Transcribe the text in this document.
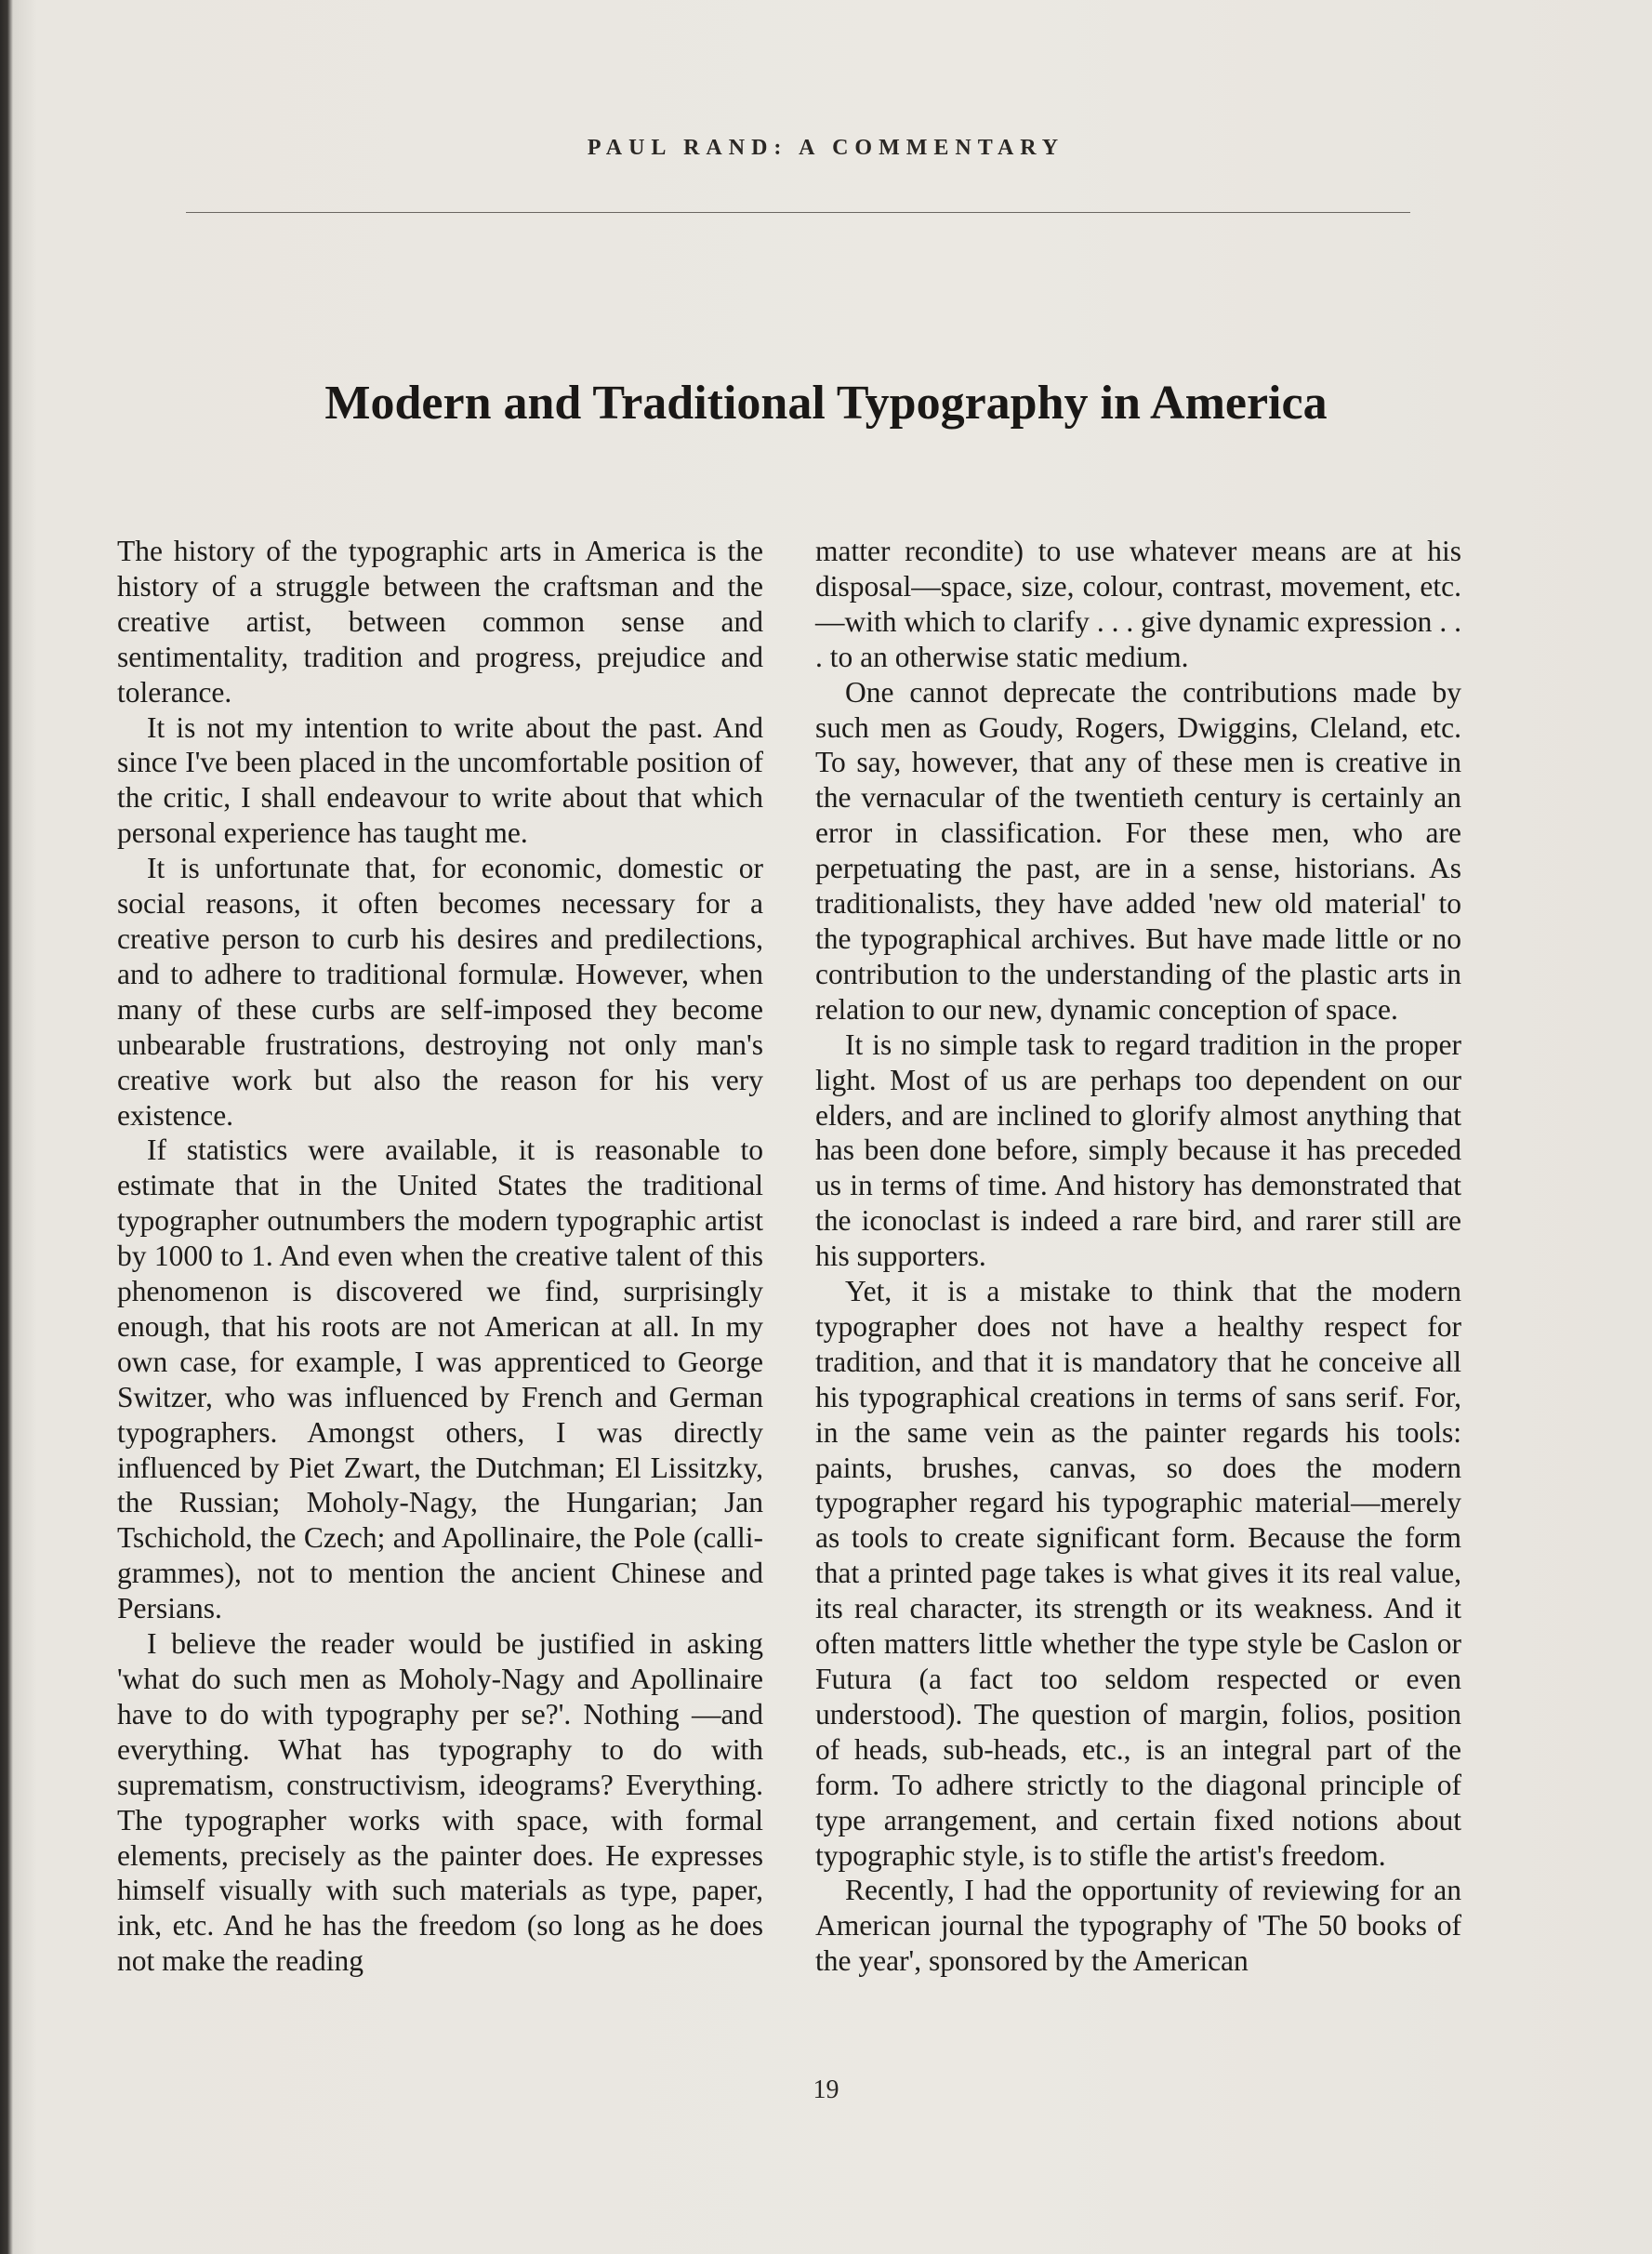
PAUL RAND: A COMMENTARY
Modern and Traditional Typography in America

The history of the typographic arts in America is the history of a struggle between the craftsman and the creative artist, between common sense and sentimentality, tradition and progress, prejudice and tolerance.

It is not my intention to write about the past. And since I've been placed in the uncomfortable position of the critic, I shall endeavour to write about that which personal experience has taught me.

It is unfortunate that, for economic, domestic or social reasons, it often becomes necessary for a creative person to curb his desires and predilections, and to adhere to traditional formulæ. However, when many of these curbs are self-imposed they become unbearable frustrations, destroying not only man's creative work but also the reason for his very existence.

If statistics were available, it is reasonable to estimate that in the United States the traditional typographer outnumbers the modern typographic artist by 1000 to 1. And even when the creative talent of this phenomenon is discovered we find, surprisingly enough, that his roots are not American at all. In my own case, for example, I was apprenticed to George Switzer, who was influenced by French and German typographers. Amongst others, I was directly influenced by Piet Zwart, the Dutchman; El Lissitzky, the Russian; Moholy-Nagy, the Hungarian; Jan Tschichold, the Czech; and Apollinaire, the Pole (calligrammes), not to mention the ancient Chinese and Persians.

I believe the reader would be justified in asking 'what do such men as Moholy-Nagy and Apollinaire have to do with typography per se?'. Nothing —and everything. What has typography to do with suprematism, constructivism, ideograms? Everything. The typographer works with space, with formal elements, precisely as the painter does. He expresses himself visually with such materials as type, paper, ink, etc. And he has the freedom (so long as he does not make the reading

matter recondite) to use whatever means are at his disposal—space, size, colour, contrast, movement, etc.—with which to clarify . . . give dynamic expression . . . to an otherwise static medium.

One cannot deprecate the contributions made by such men as Goudy, Rogers, Dwiggins, Cleland, etc. To say, however, that any of these men is creative in the vernacular of the twentieth century is certainly an error in classification. For these men, who are perpetuating the past, are in a sense, historians. As traditionalists, they have added 'new old material' to the typographical archives. But have made little or no contribution to the understanding of the plastic arts in relation to our new, dynamic conception of space.

It is no simple task to regard tradition in the proper light. Most of us are perhaps too dependent on our elders, and are inclined to glorify almost anything that has been done before, simply because it has preceded us in terms of time. And history has demonstrated that the iconoclast is indeed a rare bird, and rarer still are his supporters.

Yet, it is a mistake to think that the modern typographer does not have a healthy respect for tradition, and that it is mandatory that he conceive all his typographical creations in terms of sans serif. For, in the same vein as the painter regards his tools: paints, brushes, canvas, so does the modern typographer regard his typographic material—merely as tools to create significant form. Because the form that a printed page takes is what gives it its real value, its real character, its strength or its weakness. And it often matters little whether the type style be Caslon or Futura (a fact too seldom respected or even understood). The question of margin, folios, position of heads, sub-heads, etc., is an integral part of the form. To adhere strictly to the diagonal principle of type arrangement, and certain fixed notions about typographic style, is to stifle the artist's freedom.

Recently, I had the opportunity of reviewing for an American journal the typography of 'The 50 books of the year', sponsored by the American

19
